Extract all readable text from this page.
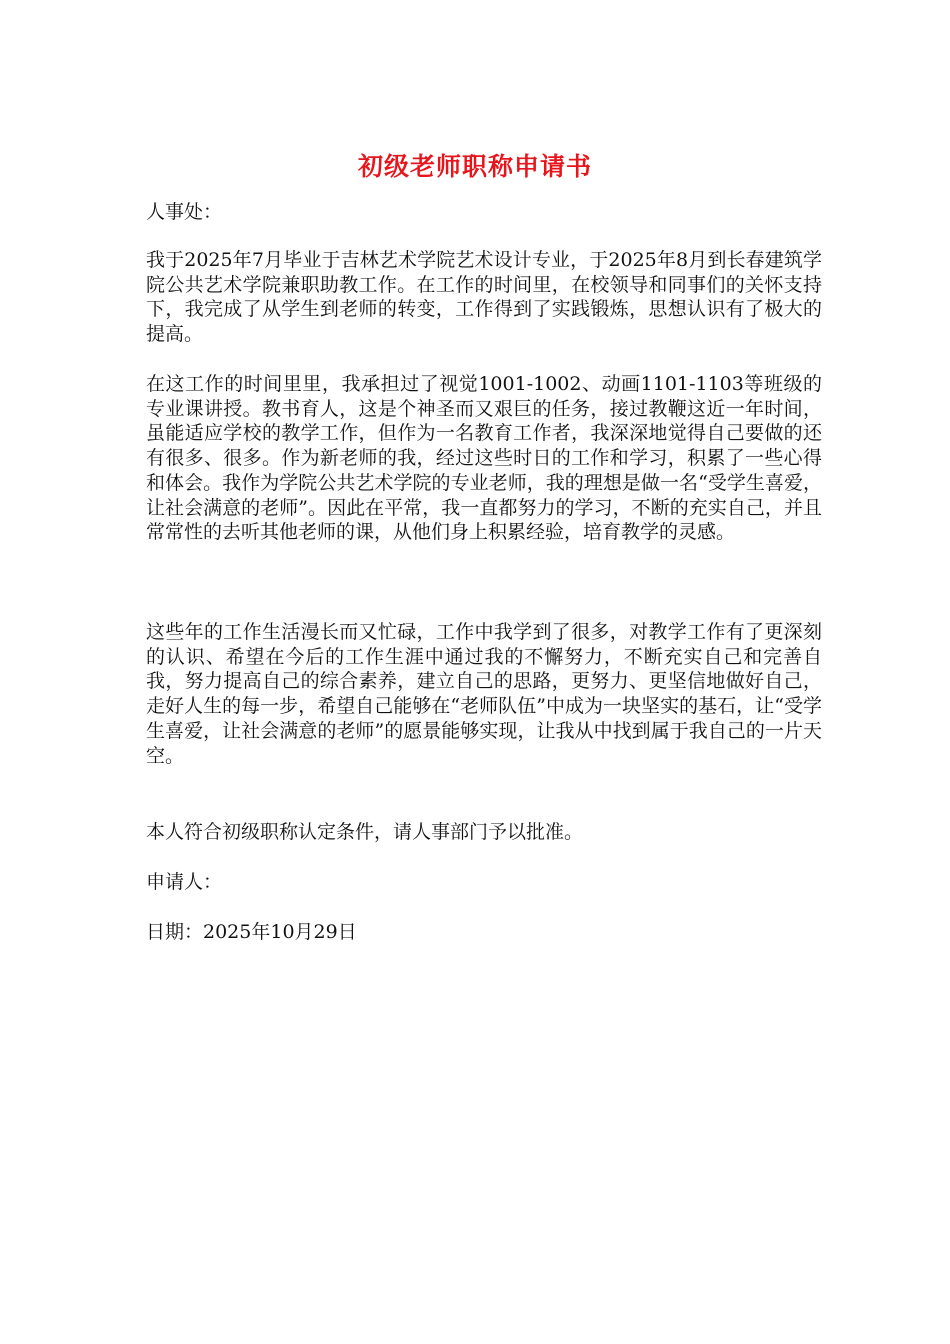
初级老师职称申请书

人事处：

我于2025年7月毕业于吉林艺术学院艺术设计专业，于2025年8月到长春建筑学院公共艺术学院兼职助教工作。在工作的时间里，在校领导和同事们的关怀支持下，我完成了从学生到老师的转变，工作得到了实践锻炼，思想认识有了极大的提高。

在这工作的时间里里，我承担过了视觉1001-1002、动画1101-1103等班级的专业课讲授。教书育人，这是个神圣而又艰巨的任务，接过教鞭这近一年时间，虽能适应学校的教学工作，但作为一名教育工作者，我深深地觉得自己要做的还有很多、很多。作为新老师的我，经过这些时日的工作和学习，积累了一些心得和体会。我作为学院公共艺术学院的专业老师，我的理想是做一名“受学生喜爱，让社会满意的老师”。因此在平常，我一直都努力的学习，不断的充实自己，并且常常性的去听其他老师的课，从他们身上积累经验，培育教学的灵感。

这些年的工作生活漫长而又忙碌，工作中我学到了很多，对教学工作有了更深刻的认识、希望在今后的工作生涯中通过我的不懈努力，不断充实自己和完善自我，努力提高自己的综合素养，建立自己的思路，更努力、更坚信地做好自己，走好人生的每一步，希望自己能够在“老师队伍”中成为一块坚实的基石，让“受学生喜爱，让社会满意的老师”的愿景能够实现，让我从中找到属于我自己的一片天空。

本人符合初级职称认定条件，请人事部门予以批准。

申请人：

日期：2025年10月29日
